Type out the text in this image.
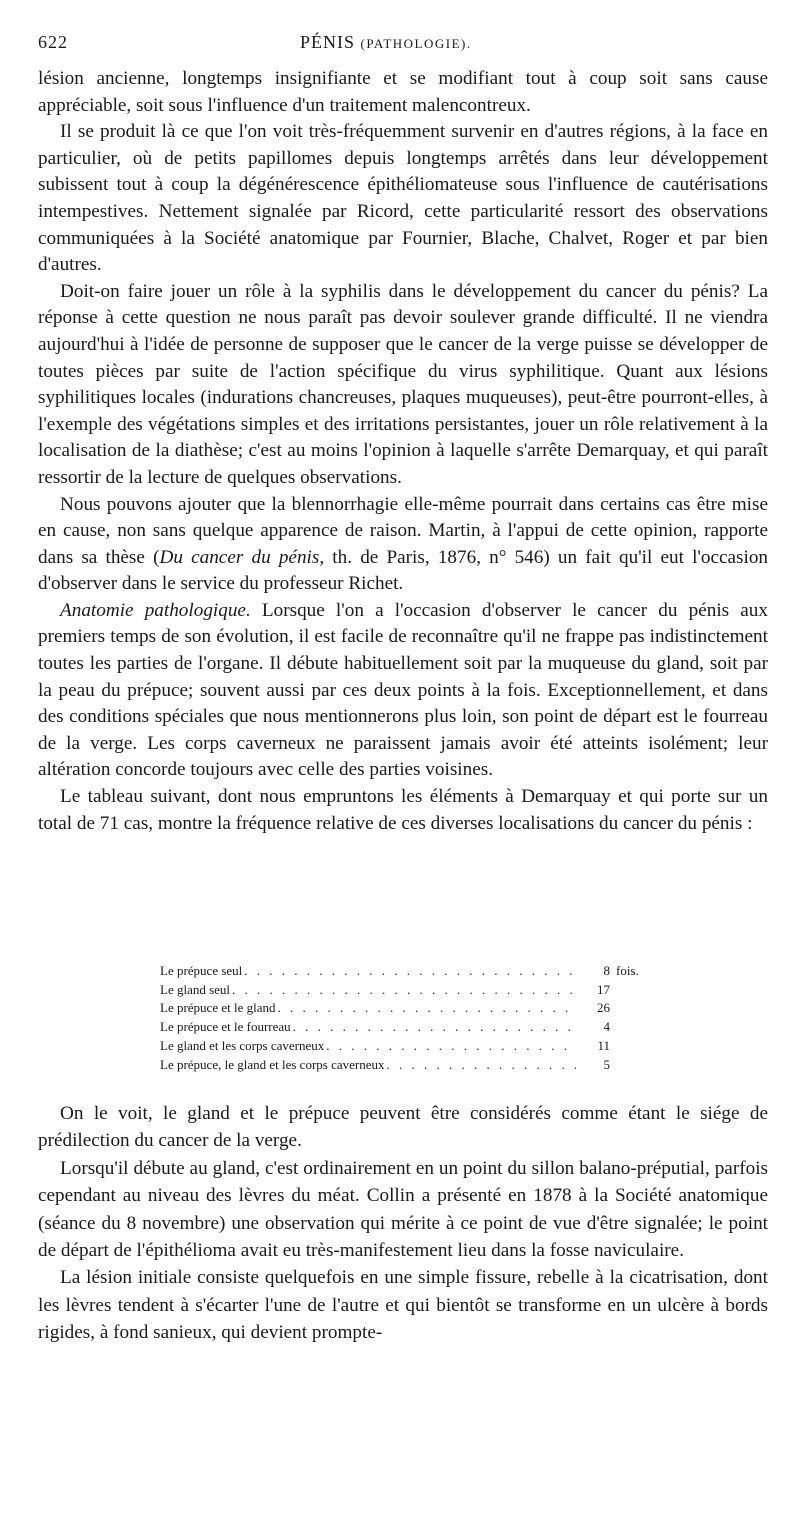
622	PÉNIS (PATHOLOGIE).

lésion ancienne, longtemps insignifiante et se modifiant tout à coup soit sans cause appréciable, soit sous l'influence d'un traitement malencontreux.

Il se produit là ce que l'on voit très-fréquemment survenir en d'autres régions, à la face en particulier, où de petits papillomes depuis longtemps arrêtés dans leur développement subissent tout à coup la dégénérescence épithéliomateuse sous l'influence de cautérisations intempestives. Nettement signalée par Ricord, cette particularité ressort des observations communiquées à la Société anatomique par Fournier, Blache, Chalvet, Roger et par bien d'autres.

Doit-on faire jouer un rôle à la syphilis dans le développement du cancer du pénis? La réponse à cette question ne nous paraît pas devoir soulever grande difficulté. Il ne viendra aujourd'hui à l'idée de personne de supposer que le cancer de la verge puisse se développer de toutes pièces par suite de l'action spécifique du virus syphilitique. Quant aux lésions syphilitiques locales (indurations chancreuses, plaques muqueuses), peut-être pourront-elles, à l'exemple des végétations simples et des irritations persistantes, jouer un rôle relativement à la localisation de la diathèse; c'est au moins l'opinion à laquelle s'arrête Demarquay, et qui paraît ressortir de la lecture de quelques observations.

Nous pouvons ajouter que la blennorrhagie elle-même pourrait dans certains cas être mise en cause, non sans quelque apparence de raison. Martin, à l'appui de cette opinion, rapporte dans sa thèse (Du cancer du pénis, th. de Paris, 1876, n° 546) un fait qu'il eut l'occasion d'observer dans le service du professeur Richet.

Anatomie pathologique. Lorsque l'on a l'occasion d'observer le cancer du pénis aux premiers temps de son évolution, il est facile de reconnaître qu'il ne frappe pas indistinctement toutes les parties de l'organe. Il débute habituellement soit par la muqueuse du gland, soit par la peau du prépuce; souvent aussi par ces deux points à la fois. Exceptionnellement, et dans des conditions spéciales que nous mentionnerons plus loin, son point de départ est le fourreau de la verge. Les corps caverneux ne paraissent jamais avoir été atteints isolément; leur altération concorde toujours avec celle des parties voisines.

Le tableau suivant, dont nous empruntons les éléments à Demarquay et qui porte sur un total de 71 cas, montre la fréquence relative de ces diverses localisations du cancer du pénis :

Le prépuce seul . . .	8 fois.
Le gland seul . . .	17
Le prépuce et le gland . . .	26
Le prépuce et le fourreau . . .	4
Le gland et les corps caverneux . . .	11
Le prépuce, le gland et les corps caverneux . . .	5

On le voit, le gland et le prépuce peuvent être considérés comme étant le siége de prédilection du cancer de la verge.

Lorsqu'il débute au gland, c'est ordinairement en un point du sillon balano-préputial, parfois cependant au niveau des lèvres du méat. Collin a présenté en 1878 à la Société anatomique (séance du 8 novembre) une observation qui mérite à ce point de vue d'être signalée; le point de départ de l'épithélioma avait eu très-manifestement lieu dans la fosse naviculaire.

La lésion initiale consiste quelquefois en une simple fissure, rebelle à la cicatrisation, dont les lèvres tendent à s'écarter l'une de l'autre et qui bientôt se transforme en un ulcère à bords rigides, à fond sanieux, qui devient prompte-
